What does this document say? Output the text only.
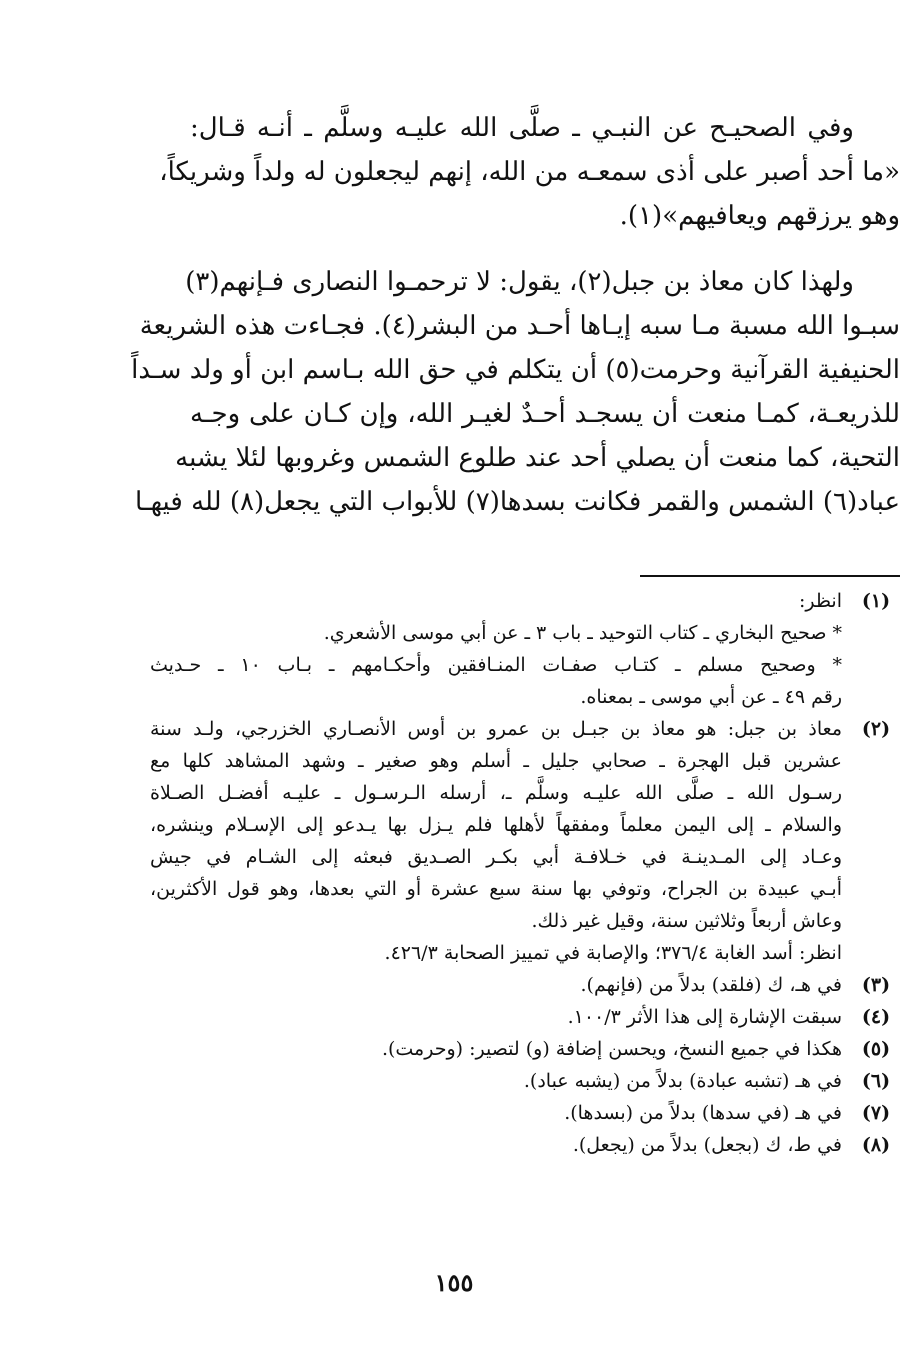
وفي الصحيـح عن النبـي ـ صلَّى الله عليـه وسلَّم ـ أنـه قـال:
«ما أحد أصبر على أذى سمعـه من الله، إنهم ليجعلون له ولداً وشريكاً،
وهو يرزقهم ويعافيهم»(١).
ولهذا كان معاذ بن جبل(٢)، يقول: لا ترحمـوا النصارى فـإنهم(٣)
سبـوا الله مسبة مـا سبه إيـاها أحـد من البشر(٤). فجـاءت هذه الشريعة
الحنيفية القرآنية وحرمت(٥) أن يتكلم في حق الله بـاسم ابن أو ولد سـداً
للذريعـة، كمـا منعت أن يسجـد أحـدٌ لغيـر الله، وإن كـان على وجـه
التحية، كما منعت أن يصلي أحد عند طلوع الشمس وغروبها لئلا يشبه
عباد(٦) الشمس والقمر فكانت بسدها(٧) للأبواب التي يجعل(٨) لله فيهـا
(١)
انظر:
* صحيح البخاري ـ كتاب التوحيد ـ باب ٣ ـ عن أبي موسى الأشعري.
* وصحيح مسلم ـ كتـاب صفـات المنـافقين وأحكـامهم ـ بـاب ١٠ ـ حـديث
رقم ٤٩ ـ عن أبي موسى ـ بمعناه.
(٢)
معاذ بن جبل: هو معاذ بن جبـل بن عمرو بن أوس الأنصـاري الخزرجي، ولـد سنة
عشرين قبل الهجرة ـ صحابي جليل ـ أسلم وهو صغير ـ وشهد المشاهد كلها مع
رسـول الله ـ صلَّى الله عليـه وسلَّم ـ، أرسله الـرسـول ـ عليـه أفضـل الصـلاة
والسلام ـ إلى اليمن معلماً ومفقهاً لأهلها فلم يـزل بها يـدعو إلى الإسـلام وينشره،
وعـاد إلى المـدينـة في خـلافـة أبي بكـر الصـديق فبعثه إلى الشـام في جيش
أبـي عبيدة بن الجراح، وتوفي بها سنة سبع عشرة أو التي بعدها، وهو قول الأكثرين،
وعاش أربعاً وثلاثين سنة، وقيل غير ذلك.
انظر: أسد الغابة ٣٧٦/٤؛ والإصابة في تمييز الصحابة ٤٢٦/٣.
(٣)
في هـ، ك (فلقد) بدلاً من (فإنهم).
(٤)
سبقت الإشارة إلى هذا الأثر ١٠٠/٣.
(٥)
هكذا في جميع النسخ، ويحسن إضافة (و) لتصير: (وحرمت).
(٦)
في هـ (تشبه عبادة) بدلاً من (يشبه عباد).
(٧)
في هـ (في سدها) بدلاً من (بسدها).
(٨)
في ط، ك (بجعل) بدلاً من (يجعل).
١٥٥
